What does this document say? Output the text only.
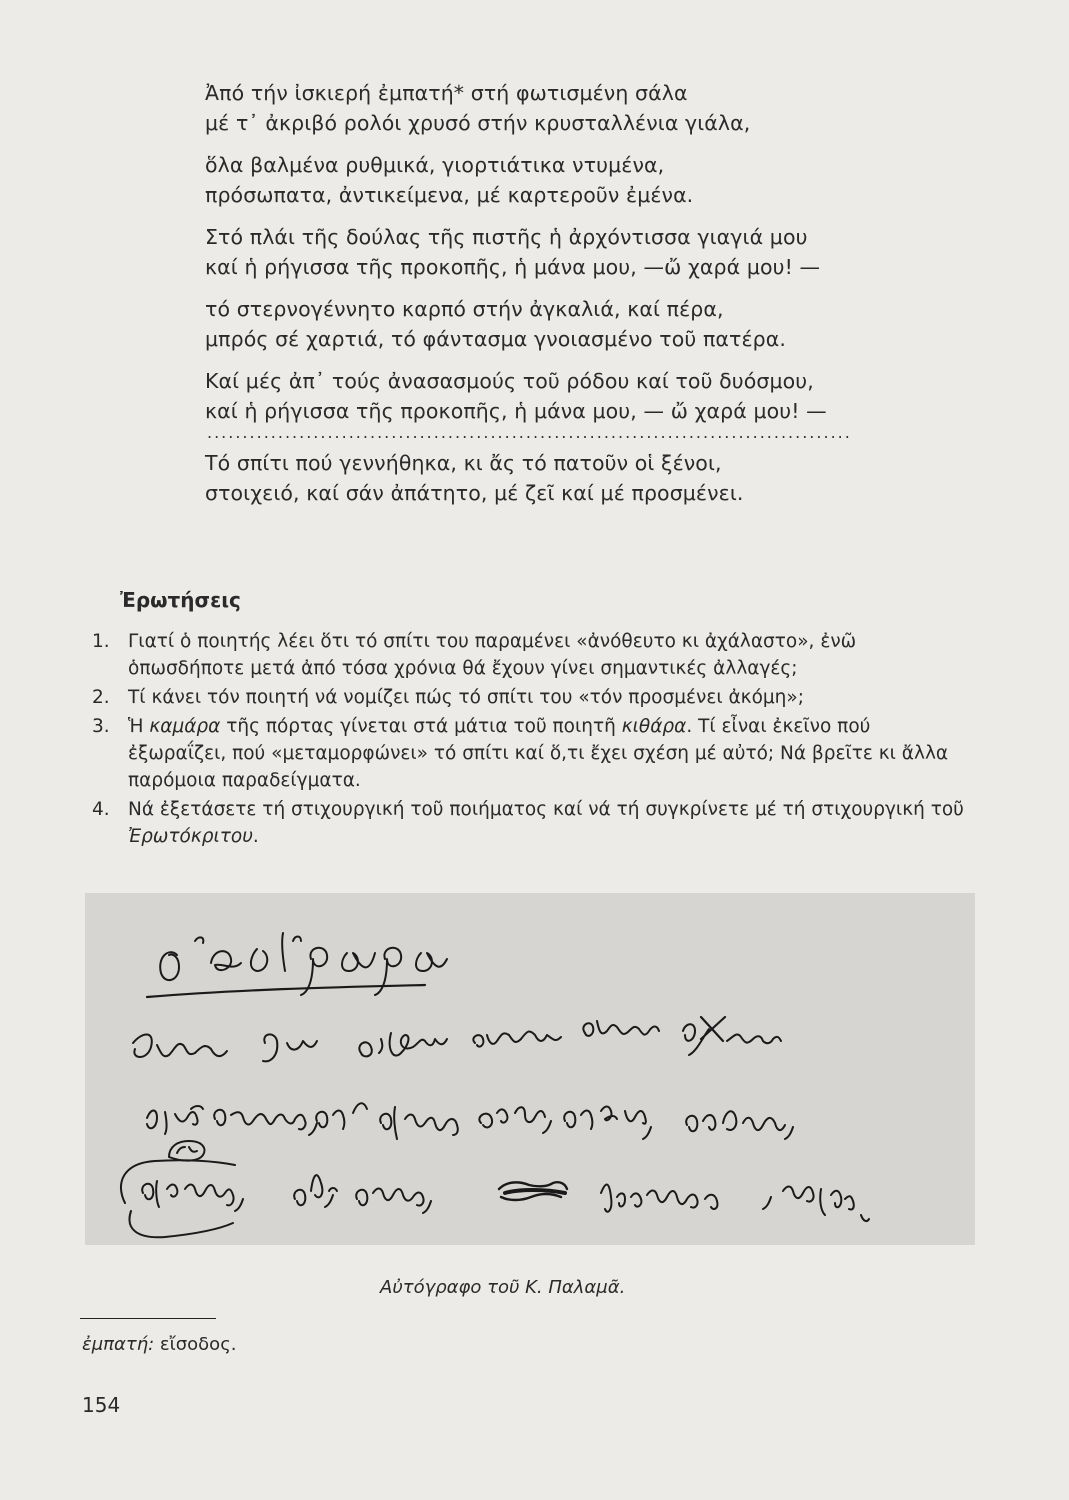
Ἀπό τήν ἰσκιερή ἐμπατή* στή φωτισμένη σάλα
μέ τ᾽ ἀκριβό ρολόι χρυσό στήν κρυσταλλένια γιάλα,
ὅλα βαλμένα ρυθμικά, γιορτιάτικα ντυμένα,
πρόσωπατα, ἀντικείμενα, μέ καρτεροῦν ἐμένα.
Στό πλάι τῆς δούλας τῆς πιστῆς ἡ ἀρχόντισσα γιαγιά μου
καί ἡ ρήγισσα τῆς προκοπῆς, ἡ μάνα μου, —ὤ χαρά μου! —
τό στερνογέννητο καρπό στήν ἀγκαλιά, καί πέρα,
μπρός σέ χαρτιά, τό φάντασμα γνοιασμένο τοῦ πατέρα.
Καί μές ἀπ᾽ τούς ἀνασασμούς τοῦ ρόδου καί τοῦ δυόσμου,
καί ἡ ρήγισσα τῆς προκοπῆς, ἡ μάνα μου, — ὤ χαρά μου! —
...........................................................................................
Τό σπίτι πού γεννήθηκα, κι ἄς τό πατοῦν οἱ ξένοι,
στοιχειό, καί σάν ἀπάτητο, μέ ζεῖ καί μέ προσμένει.
Ἐρωτήσεις
1. Γιατί ὁ ποιητής λέει ὅτι τό σπίτι του παραμένει «ἀνόθευτο κι ἀχάλαστο», ἐνῶ ὁπωσδήποτε μετά ἀπό τόσα χρόνια θά ἔχουν γίνει σημαντικές ἀλλαγές;
2. Τί κάνει τόν ποιητή νά νομίζει πώς τό σπίτι του «τόν προσμένει ἀκόμη»;
3. Ἡ καμάρα τῆς πόρτας γίνεται στά μάτια τοῦ ποιητῆ κιθάρα. Τί εἶναι ἐκεῖνο πού ἐξωραΐζει, πού «μεταμορφώνει» τό σπίτι καί ὅ,τι ἔχει σχέση μέ αὐτό; Νά βρεῖτε κι ἄλλα παρόμοια παραδείγματα.
4. Νά ἐξετάσετε τή στιχουργική τοῦ ποιήματος καί νά τή συγκρίνετε μέ τή στιχουργική τοῦ Ἐρωτόκριτου.
Αὐτόγραφο τοῦ Κ. Παλαμᾶ.
ἐμπατή: εἴσοδος.
154
